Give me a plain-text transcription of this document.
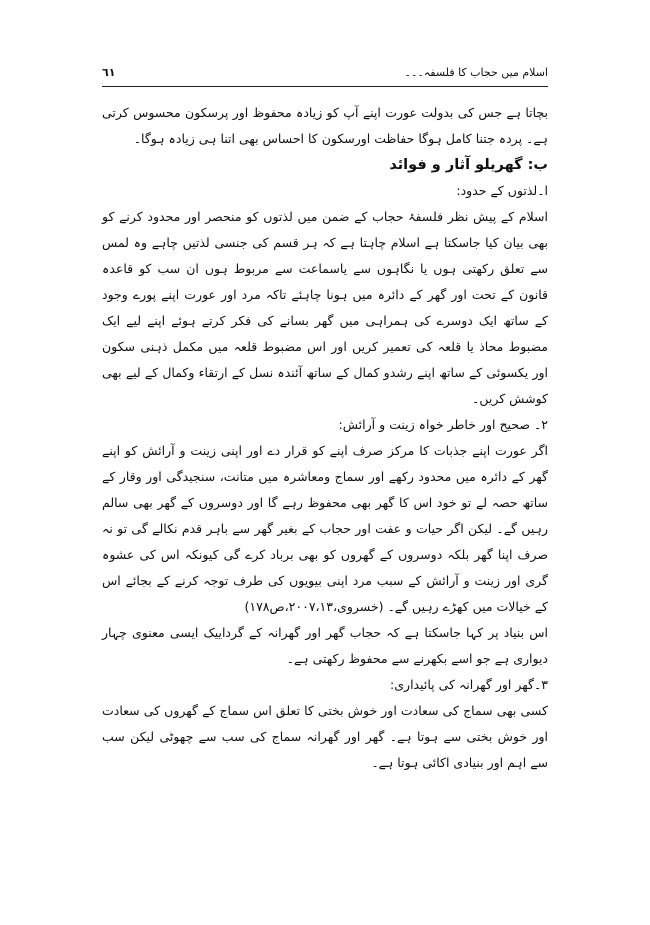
اسلام میں حجاب کا فلسفہ۔۔۔
٦١

بچاتا ہے جس کی بدولت عورت اپنے آپ کو زیادہ محفوظ اور پرسکون محسوس کرتی ہے۔ پردہ جتنا کامل ہوگا حفاظت اورسکون کا احساس بھی اتنا ہی زیادہ ہوگا۔

ب: گھریلو آثار و فوائد

ا۔لذتوں کے حدود:

اسلام کے پیش نظر فلسفۂ حجاب کے ضمن میں لذتوں کو منحصر اور محدود کرنے کو بھی بیان کیا جاسکتا ہے اسلام چاہتا ہے کہ ہر قسم کی جنسی لذتیں چاہے وہ لمس سے تعلق رکھتی ہوں یا نگاہوں سے یاسماعت سے مربوط ہوں ان سب کو قاعدہ قانون کے تحت اور گھر کے دائرہ میں ہونا چاہئے تاکہ مرد اور عورت اپنے پورے وجود کے ساتھ ایک دوسرے کی ہمراہی میں گھر بسانے کی فکر کرتے ہوئے اپنے لیے ایک مضبوط محاذ یا قلعہ کی تعمیر کریں اور اس مضبوط قلعہ میں مکمل ذہنی سکون اور یکسوئی کے ساتھ اپنے رشدو کمال کے ساتھ آئندہ نسل کے ارتقاء وکمال کے لیے بھی کوشش کریں۔

٢۔ صحیح اور خاطر خواہ زینت و آرائش:

اگر عورت اپنے جذبات کا مرکز صرف اپنے کو قرار دے اور اپنی زینت و آرائش کو اپنے گھر کے دائرہ میں محدود رکھے اور سماج ومعاشرہ میں متانت، سنجیدگی اور وقار کے ساتھ حصہ لے تو خود اس کا گھر بھی محفوظ رہے گا اور دوسروں کے گھر بھی سالم رہیں گے۔ لیکن اگر حیات و عفت اور حجاب کے بغیر گھر سے باہر قدم نکالے گی تو نہ صرف اپنا گھر بلکہ دوسروں کے گھروں کو بھی برباد کرے گی کیونکہ اس کی عشوہ گری اور زینت و آرائش کے سبب مرد اپنی بیویوں کی طرف توجہ کرنے کے بجائے اس کے خیالات میں کھڑے رہیں گے۔ (خسروی،٢٠٠٧،١٣،ص١٧٨)

اس بنیاد پر کہا جاسکتا ہے کہ حجاب گھر اور گھرانہ کے گرداییک ایسی معنوی چہار دیواری ہے جو اسے بکھرنے سے محفوظ رکھتی ہے۔

٣۔گھر اور گھرانہ کی پائیداری:

کسی بھی سماج کی سعادت اور خوش بختی کا تعلق اس سماج کے گھروں کی سعادت اور خوش بختی سے ہوتا ہے۔ گھر اور گھرانہ سماج کی سب سے چھوٹی لیکن سب سے اہم اور بنیادی اکائی ہوتا ہے۔
